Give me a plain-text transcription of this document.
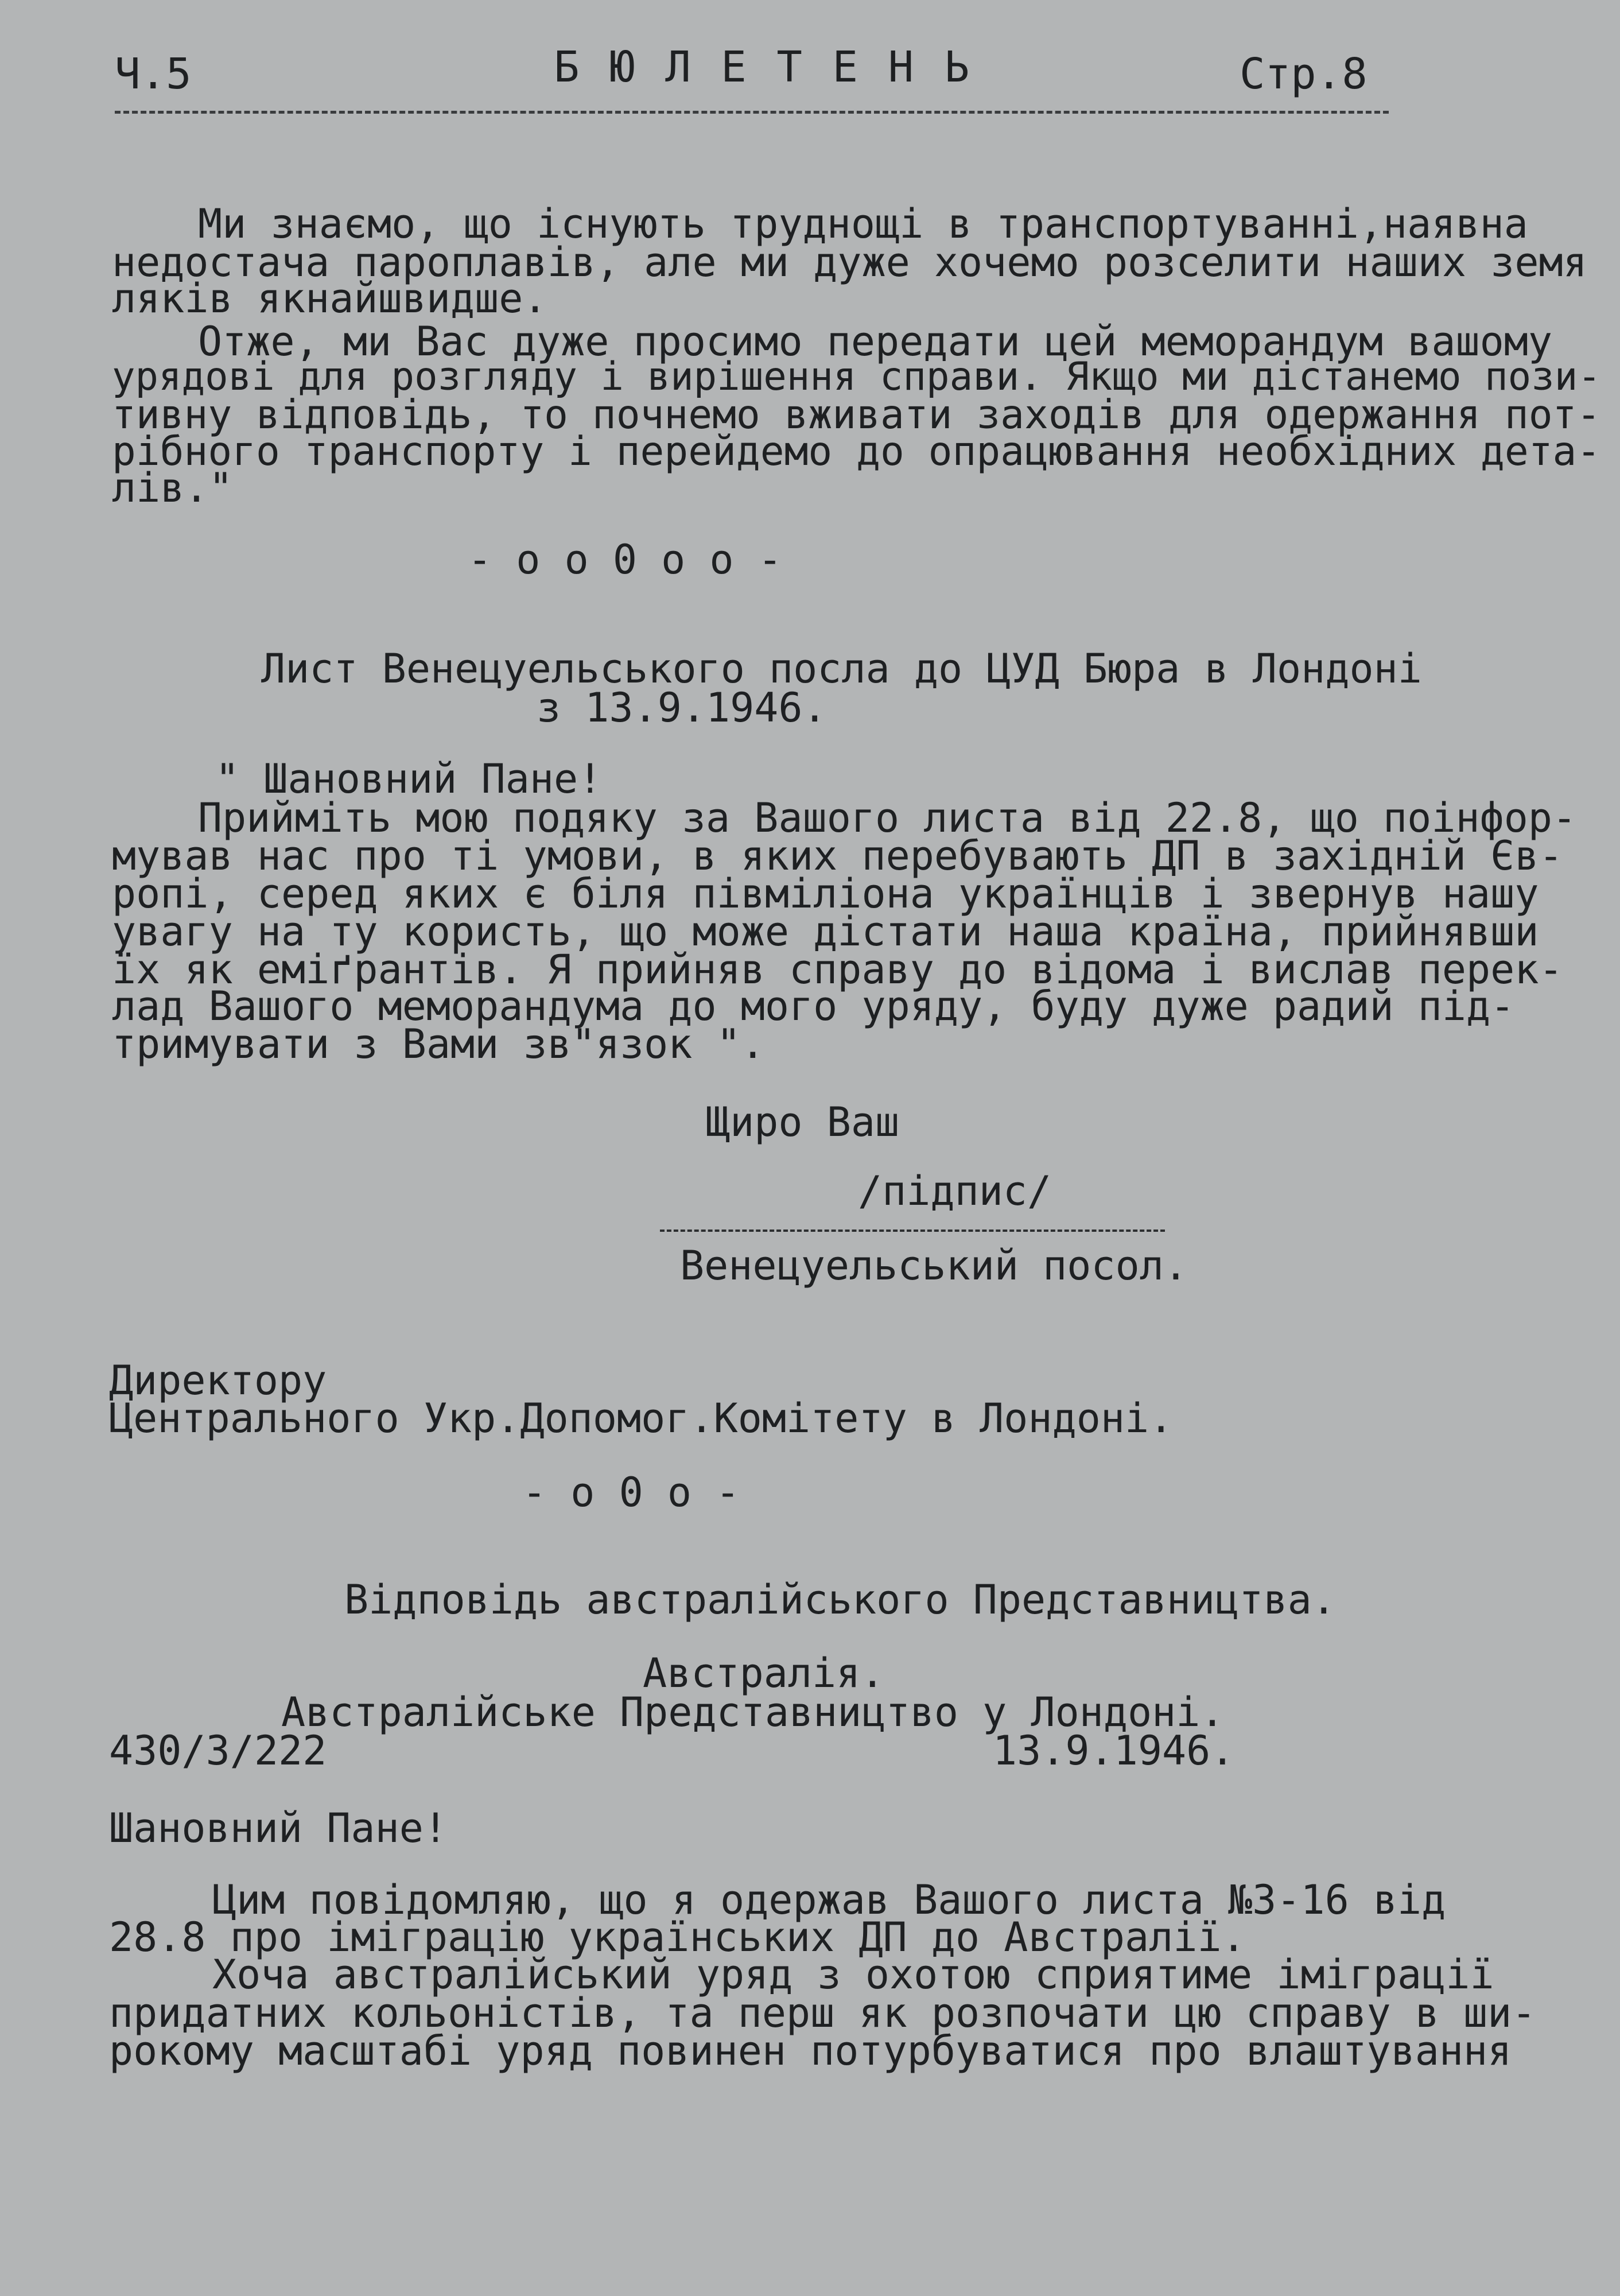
Ч.5	Б Ю Л Е Т Е Н Ь	Стр.8
Ми знаємо, що існують труднощі в транспортуванні,наявна
недостача пароплавів, але ми дуже хочемо розселити наших земя
лякiв якнайшвидше.
Отже, ми Вас дуже просимо передати цей меморандум вашому
урядові для розгляду і вирішення справи. Якщо ми дістанемо пози-
тивну відповідь, то почнемо вживати заходів для одержання пот-
рібного транспорту і перейдемо до опрацювання необхідних дета-
лів."
- o o 0 o o -
Лист Венецуельського посла до ЦУД Бюра в Лондоні
з 13.9.1946.
" Шановний Пане!
Прийміть мою подяку за Вашого листа від 22.8, що поінфор-
мував нас про ті умови, в яких перебувають ДП в західній Єв-
ропі, серед яких є біля півміліона українців і звернув нашу
увагу на ту користь, що може дістати наша країна, прийнявши
їх як еміґрантів. Я прийняв справу до відома і вислав перек-
лад Вашого меморандума до мого уряду, буду дуже радий під-
тримувати з Вами зв"язок ".
Щиро Ваш
/підпис/
Венецуельський посол.
Директору
Центрального Укр.Допомог.Комітету в Лондоні.
- o 0 o -
Відповідь австралійського Представництва.
Австралія.
Австралійське Представництво у Лондоні.
430/3/222	13.9.1946.
Шановний Пане!
Цим повідомляю, що я одержав Вашого листа №3-16 від
28.8 про іміграцію українських ДП до Австралії.
Хоча австралійський уряд з охотою сприятиме іміграції
придатних кольоністів, та перш як розпочати цю справу в ши-
рокому масштабі уряд повинен потурбуватися про влаштування
